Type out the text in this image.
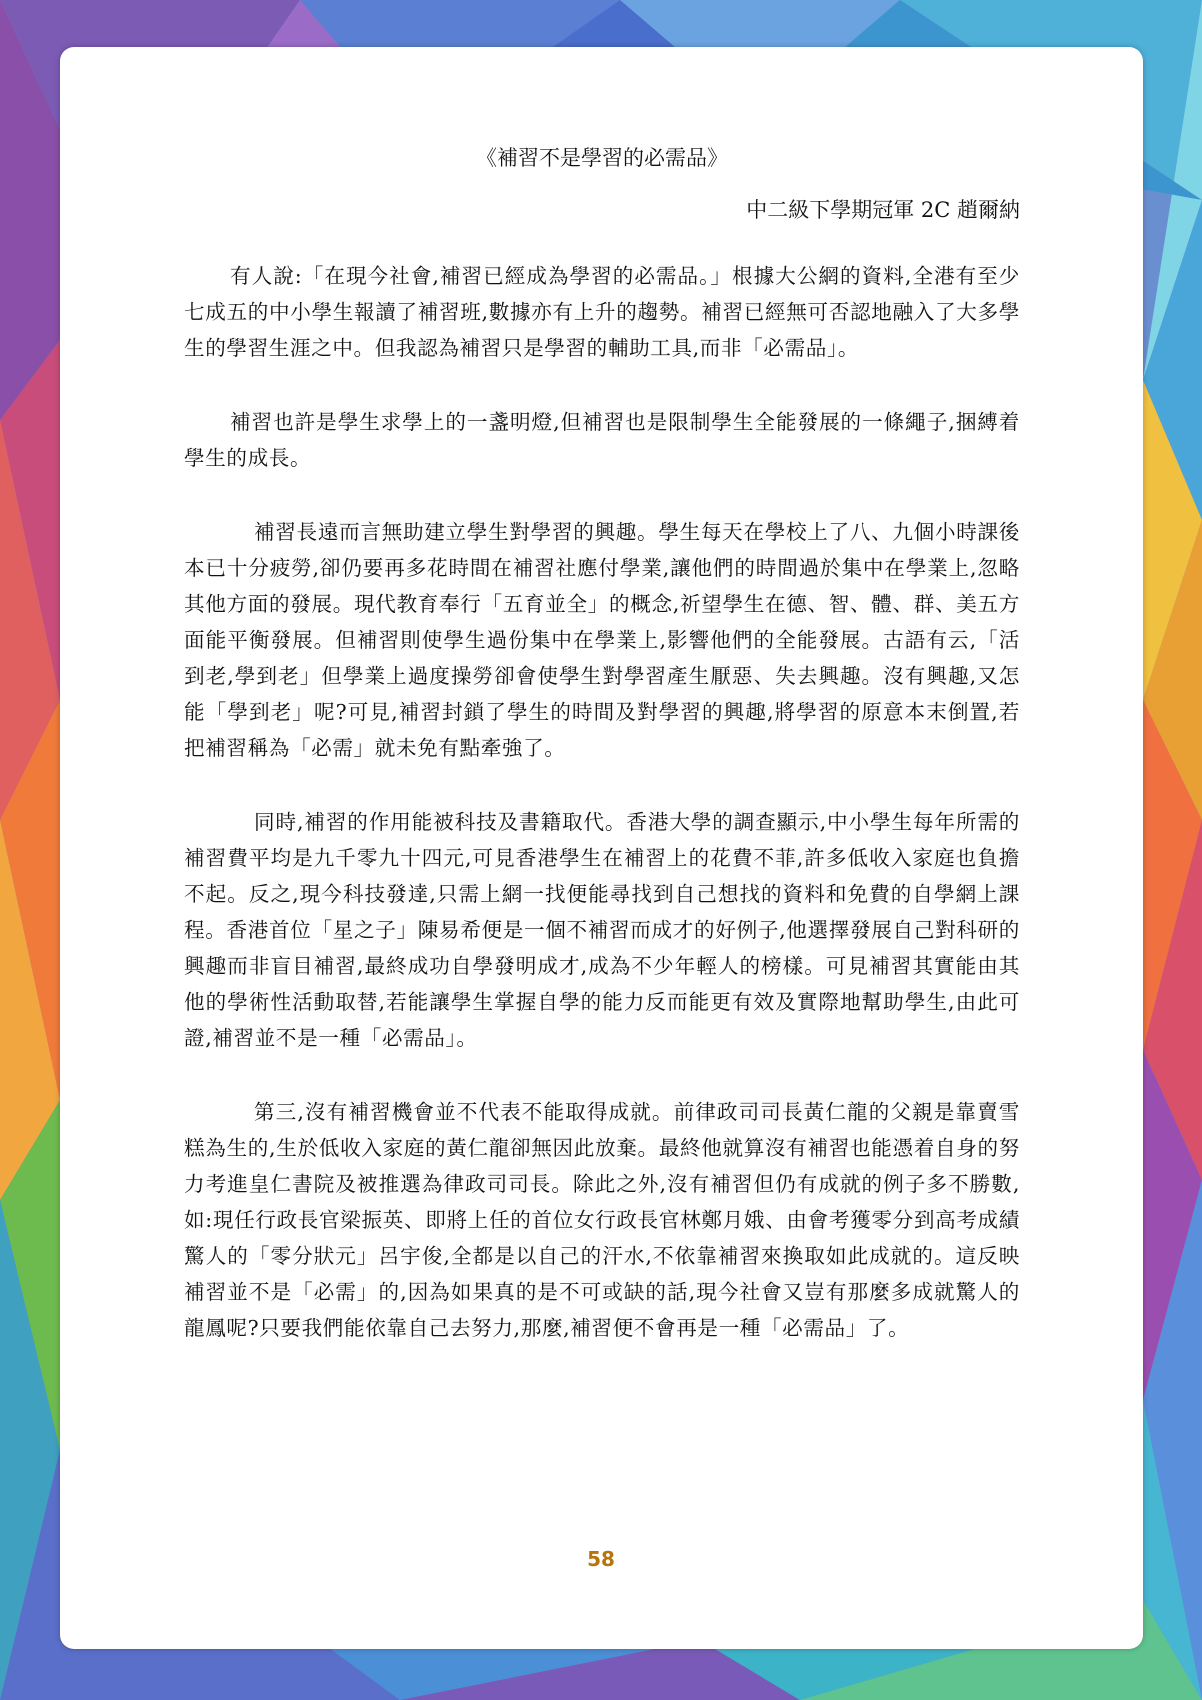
《補習不是學習的必需品》

中二級下學期冠軍 2C 趙爾納

有人說:「在現今社會,補習已經成為學習的必需品。」根據大公網的資料,全港有至少七成五的中小學生報讀了補習班,數據亦有上升的趨勢。補習已經無可否認地融入了大多學生的學習生涯之中。但我認為補習只是學習的輔助工具,而非「必需品」。

補習也許是學生求學上的一盞明燈,但補習也是限制學生全能發展的一條繩子,捆縛着學生的成長。

補習長遠而言無助建立學生對學習的興趣。學生每天在學校上了八、九個小時課後本已十分疲勞,卻仍要再多花時間在補習社應付學業,讓他們的時間過於集中在學業上,忽略其他方面的發展。現代教育奉行「五育並全」的概念,祈望學生在德、智、體、群、美五方面能平衡發展。但補習則使學生過份集中在學業上,影響他們的全能發展。古語有云,「活到老,學到老」但學業上過度操勞卻會使學生對學習產生厭惡、失去興趣。沒有興趣,又怎能「學到老」呢?可見,補習封鎖了學生的時間及對學習的興趣,將學習的原意本末倒置,若把補習稱為「必需」就未免有點牽強了。

同時,補習的作用能被科技及書籍取代。香港大學的調查顯示,中小學生每年所需的補習費平均是九千零九十四元,可見香港學生在補習上的花費不菲,許多低收入家庭也負擔不起。反之,現今科技發達,只需上網一找便能尋找到自己想找的資料和免費的自學網上課程。香港首位「星之子」陳易希便是一個不補習而成才的好例子,他選擇發展自己對科研的興趣而非盲目補習,最終成功自學發明成才,成為不少年輕人的榜樣。可見補習其實能由其他的學術性活動取替,若能讓學生掌握自學的能力反而能更有效及實際地幫助學生,由此可證,補習並不是一種「必需品」。

第三,沒有補習機會並不代表不能取得成就。前律政司司長黃仁龍的父親是靠賣雪糕為生的,生於低收入家庭的黃仁龍卻無因此放棄。最終他就算沒有補習也能憑着自身的努力考進皇仁書院及被推選為律政司司長。除此之外,沒有補習但仍有成就的例子多不勝數,如:現任行政長官梁振英、即將上任的首位女行政長官林鄭月娥、由會考獲零分到高考成績驚人的「零分狀元」呂宇俊,全都是以自己的汗水,不依靠補習來換取如此成就的。這反映補習並不是「必需」的,因為如果真的是不可或缺的話,現今社會又豈有那麼多成就驚人的龍鳳呢?只要我們能依靠自己去努力,那麼,補習便不會再是一種「必需品」了。

58
